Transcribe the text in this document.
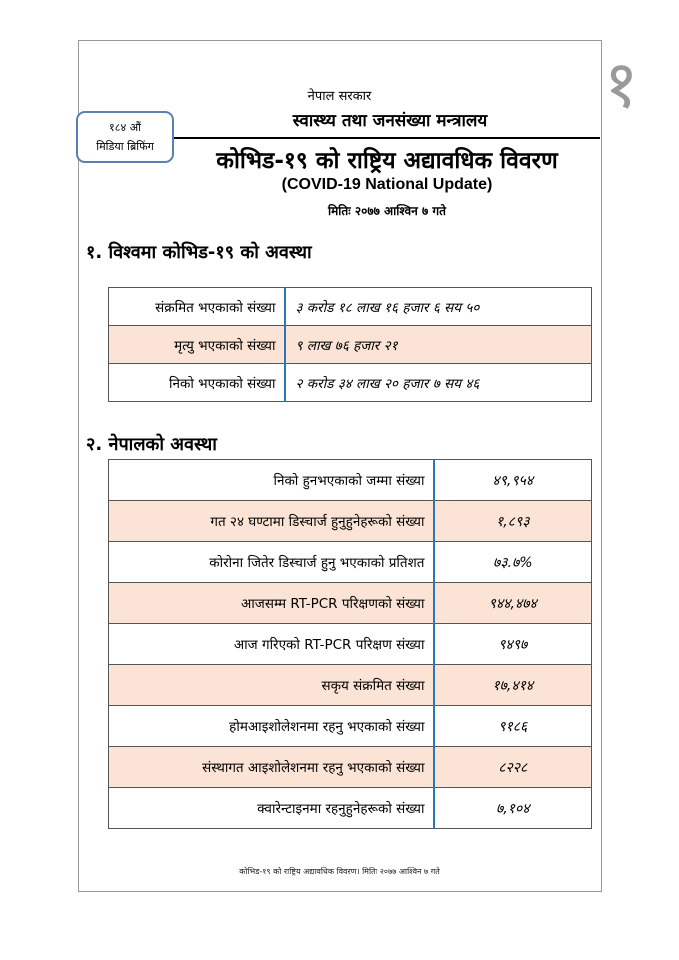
१
नेपाल सरकार
स्वास्थ्य तथा जनसंख्या मन्त्रालय
१८४ औं
मिडिया ब्रिफिंग
कोभिड-१९ को राष्ट्रिय अद्यावधिक विवरण
(COVID-19 National Update)
मितिः २०७७ आश्विन ७ गते
१. विश्वमा कोभिड-१९ को अवस्था
संक्रमित भएकाको संख्या	३ करोड १८ लाख १६ हजार ६ सय ५०
मृत्यु भएकाको संख्या	९ लाख ७६ हजार २१
निको भएकाको संख्या	२ करोड ३४ लाख २० हजार ७ सय ४६
२. नेपालको अवस्था
निको हुनभएकाको जम्मा संख्या	४९,९५४
गत २४ घण्टामा डिस्चार्ज हुनुहुनेहरूको संख्या	१,८९३
कोरोना जितेर डिस्चार्ज हुनु भएकाको प्रतिशत	७३.७%
आजसम्म RT-PCR परिक्षणको संख्या	९४४,४७४
आज गरिएको RT-PCR परिक्षण संख्या	९४९७
सकृय संक्रमित संख्या	१७,४१४
होमआइशोलेशनमा रहनु भएकाको संख्या	९१८६
संस्थागत आइशोलेशनमा रहनु भएकाको संख्या	८२२८
क्वारेन्टाइनमा रहनुहुनेहरूको संख्या	७,१०४
कोभिड-१९ को राष्ट्रिय अद्यावधिक विवरण। मितिः २०७७ आश्विन ७ गते
